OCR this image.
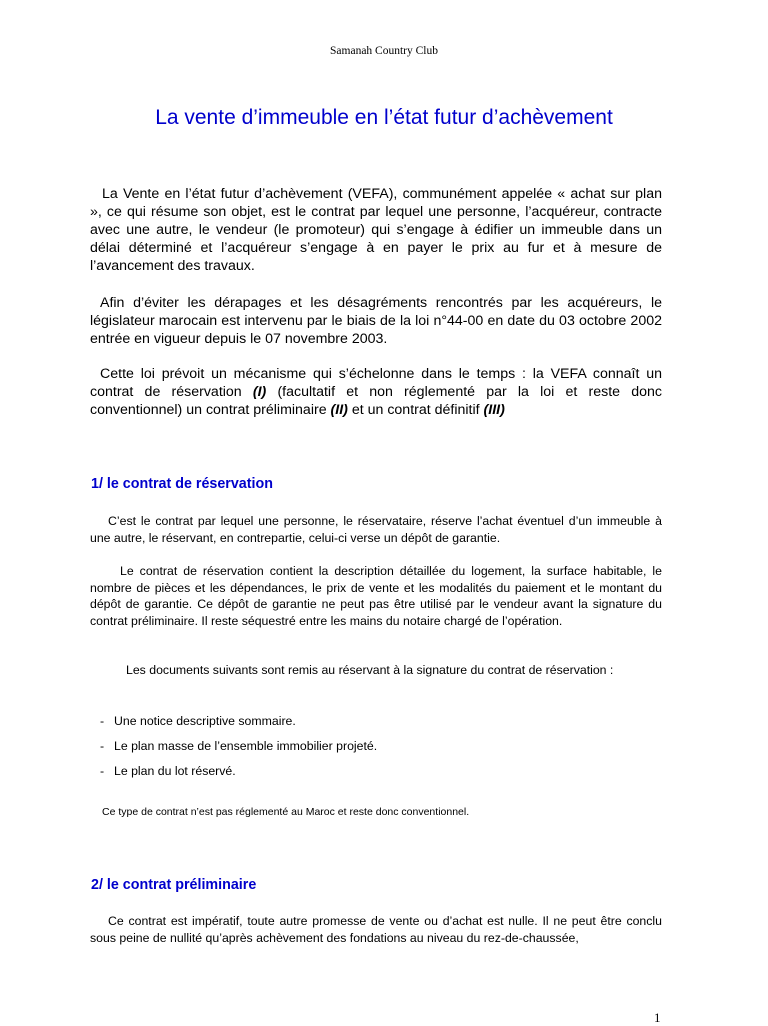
Samanah Country Club
La vente d’immeuble en l’état futur d’achèvement

La Vente en l’état futur d’achèvement (VEFA), communément appelée « achat sur plan », ce qui résume son objet, est le contrat par lequel une personne, l’acquéreur, contracte avec une autre, le vendeur (le promoteur) qui s’engage à édifier un immeuble dans un délai déterminé et l’acquéreur s’engage à en payer le prix au fur et à mesure de l’avancement des travaux.

Afin d’éviter les dérapages et les désagréments rencontrés par les acquéreurs, le législateur marocain est intervenu par le biais de la loi n°44-00 en date du 03 octobre 2002 entrée en vigueur depuis le 07 novembre 2003.

Cette loi prévoit un mécanisme qui s’échelonne dans le temps : la VEFA connaît un contrat de réservation (I) (facultatif et non réglementé par la loi et reste donc conventionnel) un contrat préliminaire (II) et un contrat définitif (III)

1/ le contrat de réservation

C’est le contrat par lequel une personne, le réservataire, réserve l’achat éventuel d’un immeuble à une autre, le réservant, en contrepartie, celui-ci verse un dépôt de garantie.

Le contrat de réservation contient la description détaillée du logement, la surface habitable, le nombre de pièces et les dépendances, le prix de vente et les modalités du paiement et le montant du dépôt de garantie. Ce dépôt de garantie ne peut pas être utilisé par le vendeur avant la signature du contrat préliminaire. Il reste séquestré entre les mains du notaire chargé de l’opération.

Les documents suivants sont remis au réservant à la signature du contrat de réservation :

- Une notice descriptive sommaire.
- Le plan masse de l’ensemble immobilier projeté.
- Le plan du lot réservé.

Ce type de contrat n’est pas réglementé au Maroc et reste donc conventionnel.

2/ le contrat préliminaire

Ce contrat est impératif, toute autre promesse de vente ou d’achat est nulle. Il ne peut être conclu sous peine de nullité qu’après achèvement des fondations au niveau du rez-de-chaussée,

1
